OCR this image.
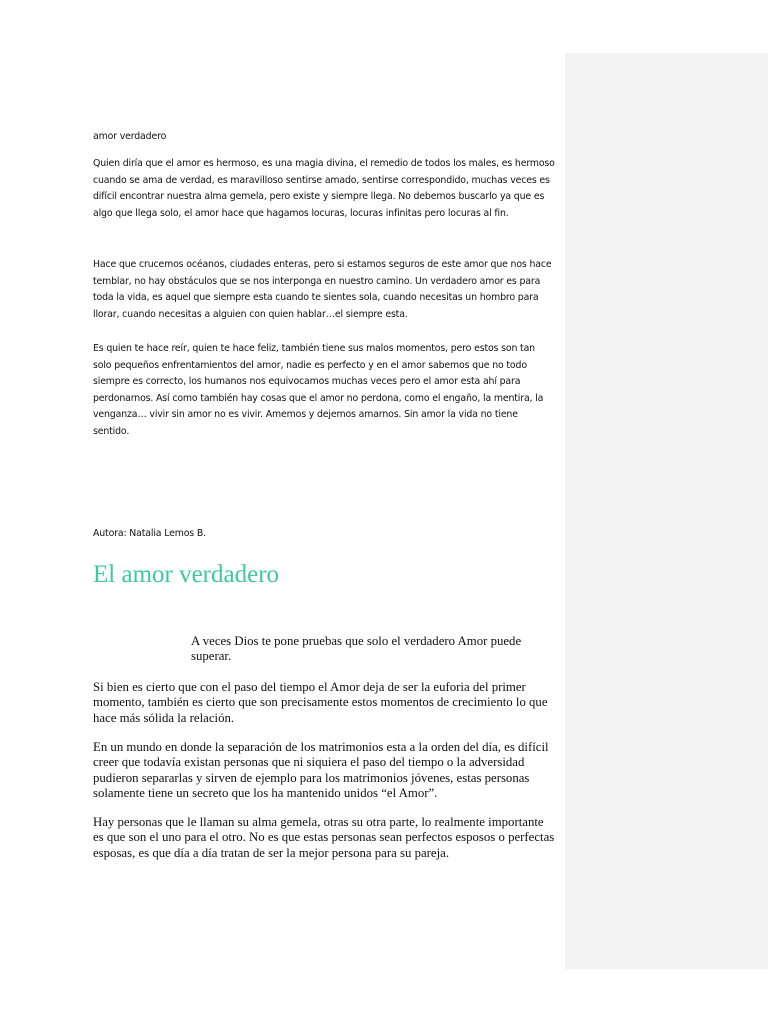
amor verdadero

Quien diría que el amor es hermoso, es una magia divina, el remedio de todos los males, es hermoso cuando se ama de verdad, es maravilloso sentirse amado, sentirse correspondido, muchas veces es difícil encontrar nuestra alma gemela, pero existe y siempre llega. No debemos buscarlo ya que es algo que llega solo, el amor hace que hagamos locuras, locuras infinitas pero locuras al fin.

Hace que crucemos océanos, ciudades enteras, pero si estamos seguros de este amor que nos hace temblar, no hay obstáculos que se nos interponga en nuestro camino. Un verdadero amor es para toda la vida, es aquel que siempre esta cuando te sientes sola, cuando necesitas un hombro para llorar, cuando necesitas a alguien con quien hablar…el siempre esta.

Es quien te hace reír, quien te hace feliz, también tiene sus malos momentos, pero estos son tan solo pequeños enfrentamientos del amor, nadie es perfecto y en el amor sabemos que no todo siempre es correcto, los humanos nos equivocamos muchas veces pero el amor esta ahí para perdonarnos. Así como también hay cosas que el amor no perdona, como el engaño, la mentira, la venganza… vivir sin amor no es vivir. Amemos y dejemos amarnos. Sin amor la vida no tiene sentido.

Autora: Natalia Lemos B.
El amor verdadero

A veces Dios te pone pruebas que solo el verdadero Amor puede superar.

Si bien es cierto que con el paso del tiempo el Amor deja de ser la euforia del primer momento, también es cierto que son precisamente estos momentos de crecimiento lo que hace más sólida la relación.

En un mundo en donde la separación de los matrimonios esta a la orden del día, es difícil creer que todavía existan personas que ni siquiera el paso del tiempo o la adversidad pudieron separarlas y sirven de ejemplo para los matrimonios jóvenes, estas personas solamente tiene un secreto que los ha mantenido unidos “el Amor”.

Hay personas que le llaman su alma gemela, otras su otra parte, lo realmente importante es que son el uno para el otro. No es que estas personas sean perfectos esposos o perfectas esposas, es que día a día tratan de ser la mejor persona para su pareja.
